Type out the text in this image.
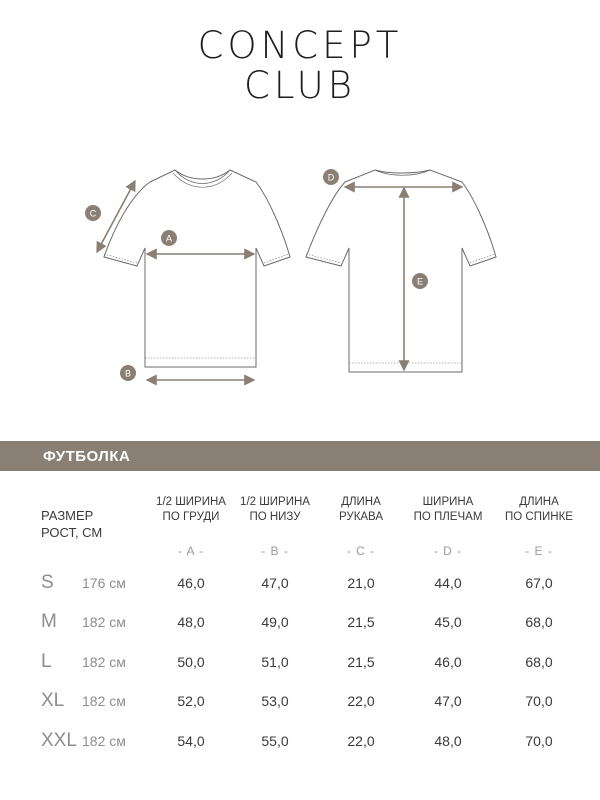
CONCEPT
CLUB
A
B
C
D
E
ФУТБОЛКА
РАЗМЕР
РОСТ, СМ
1/2 ШИРИНА
ПО ГРУДИ
1/2 ШИРИНА
ПО НИЗУ
ДЛИНА
РУКАВА
ШИРИНА
ПО ПЛЕЧАМ
ДЛИНА
ПО СПИНКЕ
- A -	- B -	- C -	- D -	- E -
S 176 см	46,0	47,0	21,0	44,0	67,0
M 182 см	48,0	49,0	21,5	45,0	68,0
L 182 см	50,0	51,0	21,5	46,0	68,0
XL 182 см	52,0	53,0	22,0	47,0	70,0
XXL 182 см	54,0	55,0	22,0	48,0	70,0
